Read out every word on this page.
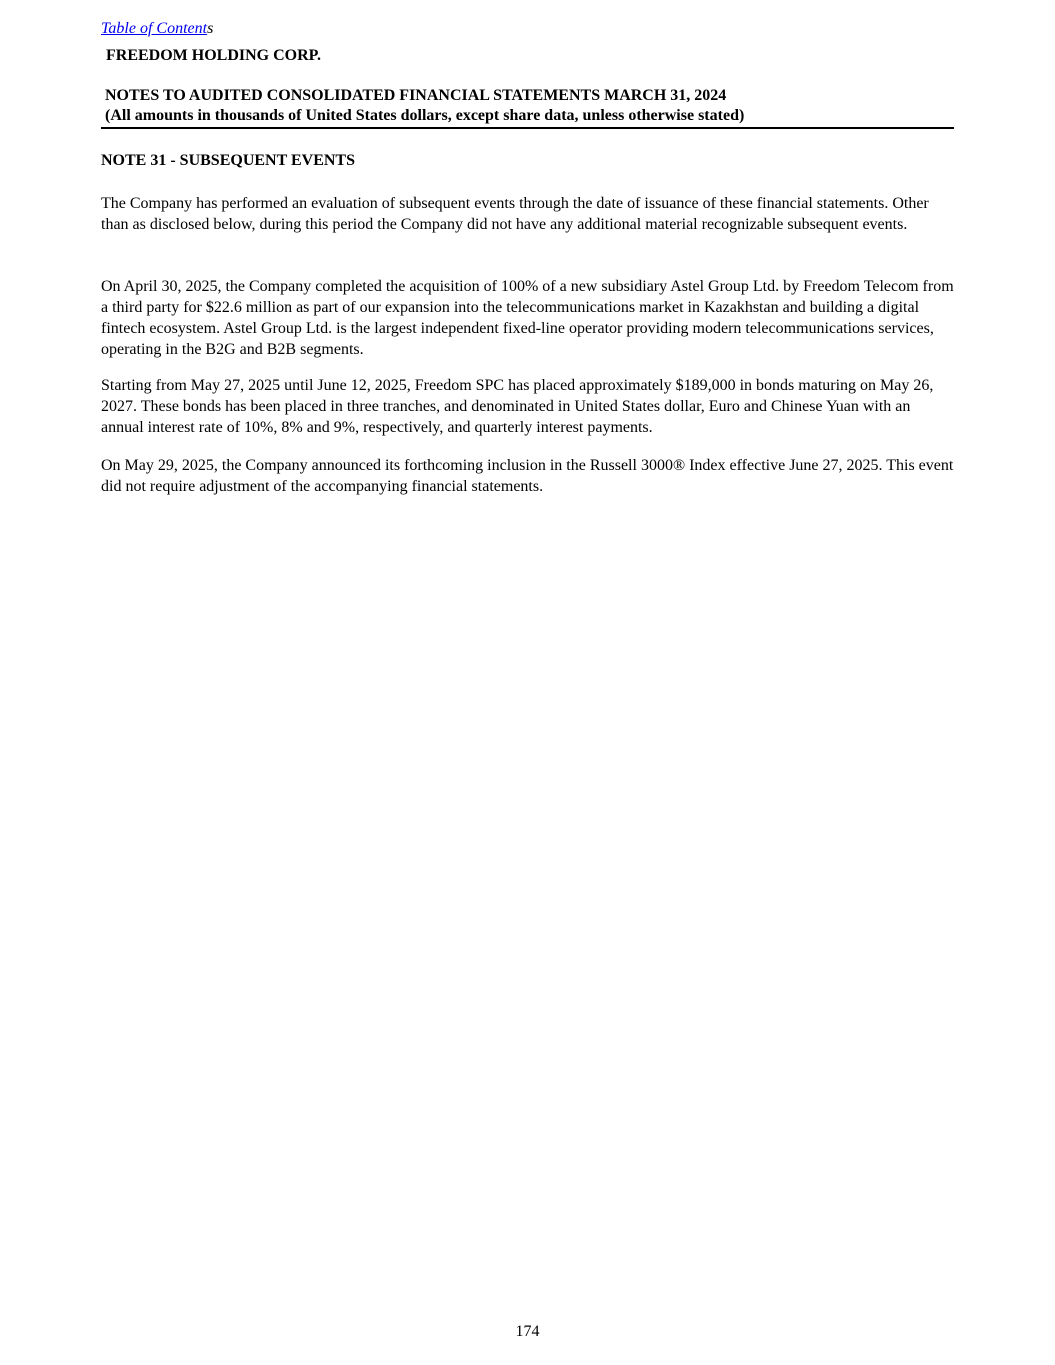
Table of Contents
FREEDOM HOLDING CORP.
NOTES TO AUDITED CONSOLIDATED FINANCIAL STATEMENTS MARCH 31, 2024
(All amounts in thousands of United States dollars, except share data, unless otherwise stated)
NOTE 31 - SUBSEQUENT EVENTS

The Company has performed an evaluation of subsequent events through the date of issuance of these financial statements. Other than as disclosed below, during this period the Company did not have any additional material recognizable subsequent events.

On April 30, 2025, the Company completed the acquisition of 100% of a new subsidiary Astel Group Ltd. by Freedom Telecom from a third party for $22.6 million as part of our expansion into the telecommunications market in Kazakhstan and building a digital fintech ecosystem. Astel Group Ltd. is the largest independent fixed-line operator providing modern telecommunications services, operating in the B2G and B2B segments.

Starting from May 27, 2025 until June 12, 2025, Freedom SPC has placed approximately $189,000 in bonds maturing on May 26, 2027. These bonds has been placed in three tranches, and denominated in United States dollar, Euro and Chinese Yuan with an annual interest rate of 10%, 8% and 9%, respectively, and quarterly interest payments.

On May 29, 2025, the Company announced its forthcoming inclusion in the Russell 3000® Index effective June 27, 2025. This event did not require adjustment of the accompanying financial statements.

174
